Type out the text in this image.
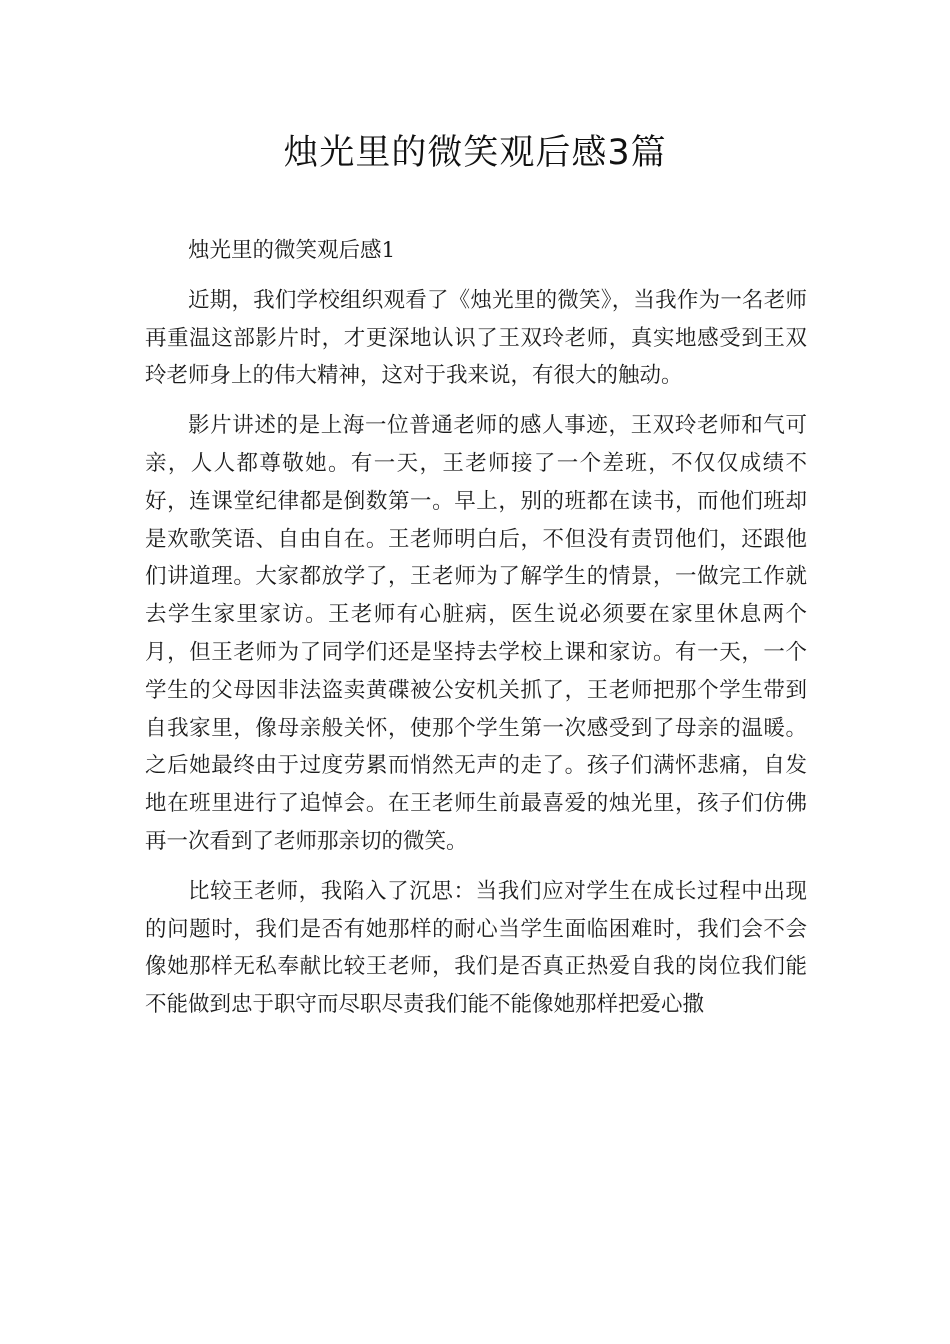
烛光里的微笑观后感3篇

烛光里的微笑观后感1

近期，我们学校组织观看了《烛光里的微笑》，当我作为一名老师再重温这部影片时，才更深地认识了王双玲老师，真实地感受到王双玲老师身上的伟大精神，这对于我来说，有很大的触动。

影片讲述的是上海一位普通老师的感人事迹，王双玲老师和气可亲，人人都尊敬她。有一天，王老师接了一个差班，不仅仅成绩不好，连课堂纪律都是倒数第一。早上，别的班都在读书，而他们班却是欢歌笑语、自由自在。王老师明白后，不但没有责罚他们，还跟他们讲道理。大家都放学了，王老师为了解学生的情景，一做完工作就去学生家里家访。王老师有心脏病，医生说必须要在家里休息两个月，但王老师为了同学们还是坚持去学校上课和家访。有一天，一个学生的父母因非法盗卖黄碟被公安机关抓了，王老师把那个学生带到自我家里，像母亲般关怀，使那个学生第一次感受到了母亲的温暖。之后她最终由于过度劳累而悄然无声的走了。孩子们满怀悲痛，自发地在班里进行了追悼会。在王老师生前最喜爱的烛光里，孩子们仿佛再一次看到了老师那亲切的微笑。

比较王老师，我陷入了沉思：当我们应对学生在成长过程中出现的问题时，我们是否有她那样的耐心当学生面临困难时，我们会不会像她那样无私奉献比较王老师，我们是否真正热爱自我的岗位我们能不能做到忠于职守而尽职尽责我们能不能像她那样把爱心撒
